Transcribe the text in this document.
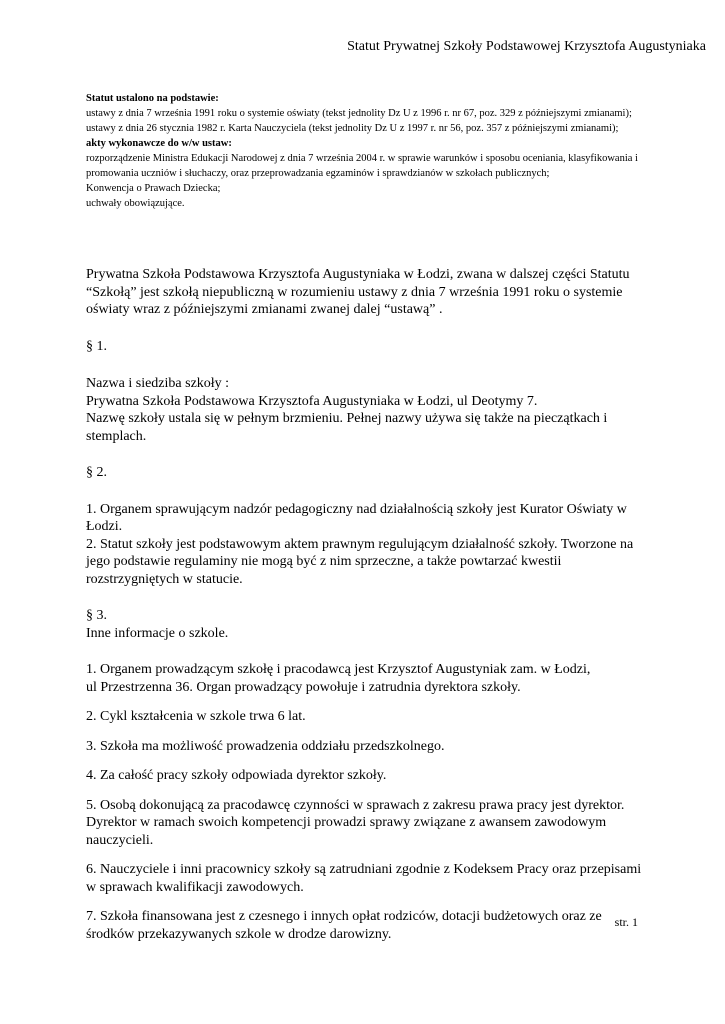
Statut Prywatnej Szkoły Podstawowej Krzysztofa Augustyniaka
Statut ustalono na podstawie:
ustawy z dnia 7 września 1991 roku o systemie oświaty (tekst jednolity Dz U z 1996 r. nr 67, poz. 329 z późniejszymi zmianami);
ustawy z dnia 26 stycznia 1982 r. Karta Nauczyciela (tekst jednolity Dz U z 1997 r. nr 56, poz. 357 z późniejszymi zmianami);
akty wykonawcze do w/w ustaw:
rozporządzenie Ministra Edukacji Narodowej z dnia 7 września 2004 r. w sprawie warunków i sposobu oceniania, klasyfikowania i promowania uczniów i słuchaczy, oraz przeprowadzania egzaminów i sprawdzianów w szkołach publicznych;
Konwencja o Prawach Dziecka;
uchwały obowiązujące.

Prywatna Szkoła Podstawowa Krzysztofa Augustyniaka w Łodzi, zwana w dalszej części Statutu “Szkołą” jest szkołą niepubliczną w rozumieniu ustawy z dnia 7 września 1991 roku o systemie oświaty wraz z późniejszymi zmianami zwanej dalej “ustawą” .

§ 1.

Nazwa i siedziba szkoły :

Prywatna Szkoła Podstawowa Krzysztofa Augustyniaka w Łodzi, ul Deotymy 7.

Nazwę szkoły ustala się w pełnym brzmieniu. Pełnej nazwy używa się także na pieczątkach i stemplach.

§ 2.

1. Organem sprawującym nadzór pedagogiczny nad działalnością szkoły jest Kurator Oświaty w Łodzi.

2. Statut szkoły jest podstawowym aktem prawnym regulującym działalność szkoły. Tworzone na jego podstawie regulaminy nie mogą być z nim sprzeczne, a także powtarzać kwestii rozstrzygniętych w statucie.

§ 3.

Inne informacje o szkole.

1. Organem prowadzącym szkołę i pracodawcą jest Krzysztof Augustyniak zam. w Łodzi,

ul Przestrzenna 36. Organ prowadzący powołuje i zatrudnia dyrektora szkoły.

2. Cykl kształcenia w szkole trwa 6 lat.

3. Szkoła ma możliwość prowadzenia oddziału przedszkolnego.

4. Za całość pracy szkoły odpowiada dyrektor szkoły.

5. Osobą dokonującą za pracodawcę czynności w sprawach z zakresu prawa pracy jest dyrektor.

Dyrektor w ramach swoich kompetencji prowadzi sprawy związane z awansem zawodowym nauczycieli.

6. Nauczyciele i inni pracownicy szkoły są zatrudniani zgodnie z Kodeksem Pracy oraz przepisami w sprawach kwalifikacji zawodowych.

7. Szkoła finansowana jest z czesnego i innych opłat rodziców, dotacji budżetowych oraz ze środków przekazywanych szkole w drodze darowizny.

str. 1
